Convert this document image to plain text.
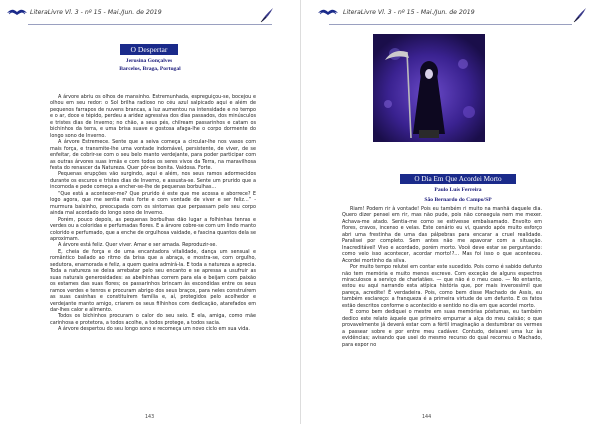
LiteraLivre Vl. 3 - nº 15 - Mai./Jun. de 2019
O Despertar
Jerusina Gonçalves
Barcelos, Braga, Portugal

A árvore abriu os olhos de mansinho. Estremunhada, espreguiçou-se, bocejou e olhou em seu redor: o Sol brilha radioso no céu azul salpicado aqui e além de pequenos farrapos de nuvens brancas, a luz aumentou na intensidade e no tempo e o ar, doce e tépido, perdeu a aridez agressiva dos dias passados, dos minúsculos e tristes dias de Inverno; no chão, a seus pés, chilream passarinhos e catam os bichinhos da terra, e uma brisa suave e gostosa afaga-lhe o corpo dormente do longo sono de Inverno.

A árvore Estremece. Sente que a seiva começa a circular-lhe nos vasos com mais força, e transmite-lhe uma vontade indomável, persistente, de viver, de se enfeitar, de cobrir-se com o seu belo manto verdejante, para poder participar com as outras árvores suas irmãs e com todos os seres vivos da Terra, na maravilhosa festa do renascer da Natureza. Quer pôr-se bonita. Vaidosa. Forte.

Pequenas erupções vão surgindo, aqui e além, nos seus ramos adormecidos durante os escuros e tristes dias de Inverno, e assusta-se. Sente um prurido que a incomoda e pede começa a encher-se-lhe de pequenas borbulhas…

“Que está a acontecer-me? Que prurido é este que me acossa e aborrece? E logo agora, que me sentia mais forte e com vontade de viver e ser feliz…” - murmura baixinho, preocupada com os sintomas que perpassam pelo seu corpo ainda mal acordado do longo sono de Inverno.

Porém, pouco depois, as pequenas borbulhas dão lugar a folhinhas tenras e verdes ou a coloridas e perfumadas flores. E a árvore cobre-se com um lindo manto colorido e perfumado, que a enche de orgulhosa vaidade, e fascina quantos dela se aproximam.

A árvore está feliz. Quer viver. Amar e ser amada. Reproduzir-se.

E, cheia de força e de uma encantadora vitalidade, dança um sensual e romântico bailado ao ritmo da brisa que a abraça, e mostra-se, com orgulho, sedutora, enamorada e feliz, a quem queira admirá-la. E toda a natureza a aprecia. Toda a natureza se deixa arrebatar pelo seu encanto e se apressa a usufruir as suas naturais generosidades: as abelhinhas correm para ela e beijam com paixão os estames das suas flores; os passarinhos brincam às escondidas entre os seus ramos verdes e tenros e procuram abrigo dos seus braços, para neles construírem as suas casinhas e constituírem família e, aí, protegidos pelo acolhedor e verdejante manto amigo, criarem os seus filhinhos com dedicação, atarefados em dar-lhes calor e alimento.

Todos os bichinhos procuram o calor do seu seio. E ela, amiga, como mãe carinhosa e protetora, a todos acolhe, a todos protege, a todos sacia.

A árvore despertou do seu longo sono e recomeça um novo ciclo em sua vida.

143
LiteraLivre Vl. 3 - nº 15 - Mai./Jun. de 2019
O Dia Em Que Acordei Morto
Paulo Luís Ferreira
São Bernardo do Campo/SP

Riam! Podem rir à vontade! Pois eu também ri muito na manhã daquele dia. Quero dizer pensei em rir, mas não pude, pois não conseguia nem me mexer. Achava-me atado. Sentia-me como se estivesse embalsamado. Envolto em flores, cravos, incenso e velas. Este cenário eu vi, quando após muito esforço abri uma frestinha de uma das pálpebras para encarar a cruel realidade. Paralisei por completo. Sem antes não me apavorar com a situação. Inacreditável! Vivo e acordado, porém morto. Você deve estar se perguntando: como veio isso acontecer, acordar morto!?… Mas foi isso o que aconteceu. Acordei mortinho da silva.

Por muito tempo relutei em contar este sucedido. Pois como é sabido defunto não tem memória e muito menos escreve. Com exceção de alguns espectros miraculosos a serviço de charlatães. — que não é o meu caso. — No entanto, estou eu aqui narrando esta atípica história que, por mais inverossímil que pareça, acredite! É verdadeira. Pois, como bem disse Machado de Assis, eu também esclareço: a franqueza é a primeira virtude de um defunto. E os fatos estão descritos conforme o acontecido e sentido no dia em que acordei morto.

E como bem dediquei o mestre em suas memórias póstumas, eu também dedico este relato àquele que primeiro empurrar a alça do meu caixão; o que provavelmente já deverá estar com a fértil imaginação a destumbrar os vermes a passear sobre e por entre meu cadáver. Contudo, deixarei uma luz às evidências; avisando que usei do mesmo recurso do qual recorreu o Machado, para expor no

144
